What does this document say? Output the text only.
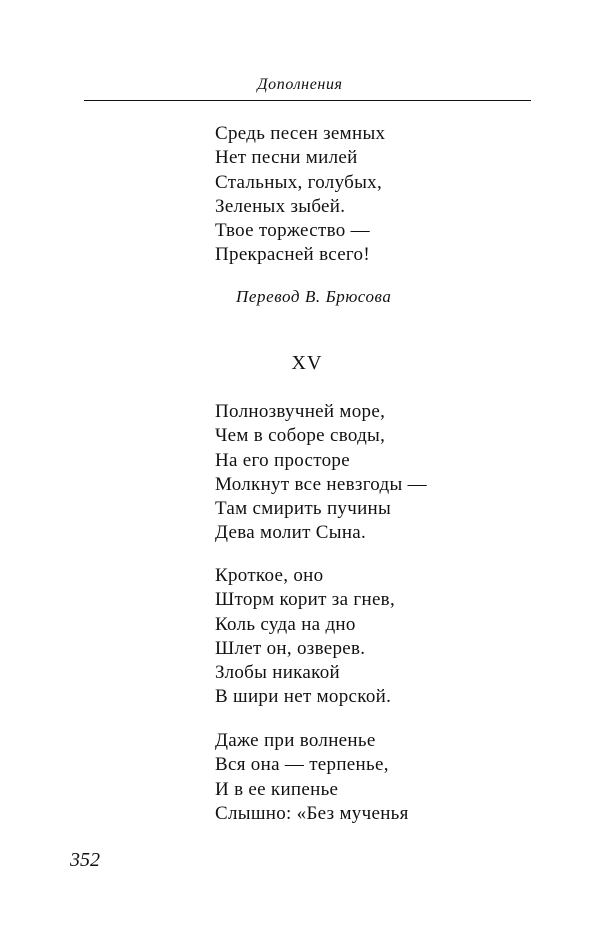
Дополнения
Средь песен земных
Нет песни милей
Стальных, голубых,
Зеленых зыбей.
Твое торжество —
Прекрасней всего!
Перевод В. Брюсова
XV
Полнозвучней море,
Чем в соборе своды,
На его просторе
Молкнут все невзгоды —
Там смирить пучины
Дева молит Сына.
Кроткое, оно
Шторм корит за гнев,
Коль суда на дно
Шлет он, озверев.
Злобы никакой
В шири нет морской.
Даже при волненье
Вся она — терпенье,
И в ее кипенье
Слышно: «Без мученья
352
